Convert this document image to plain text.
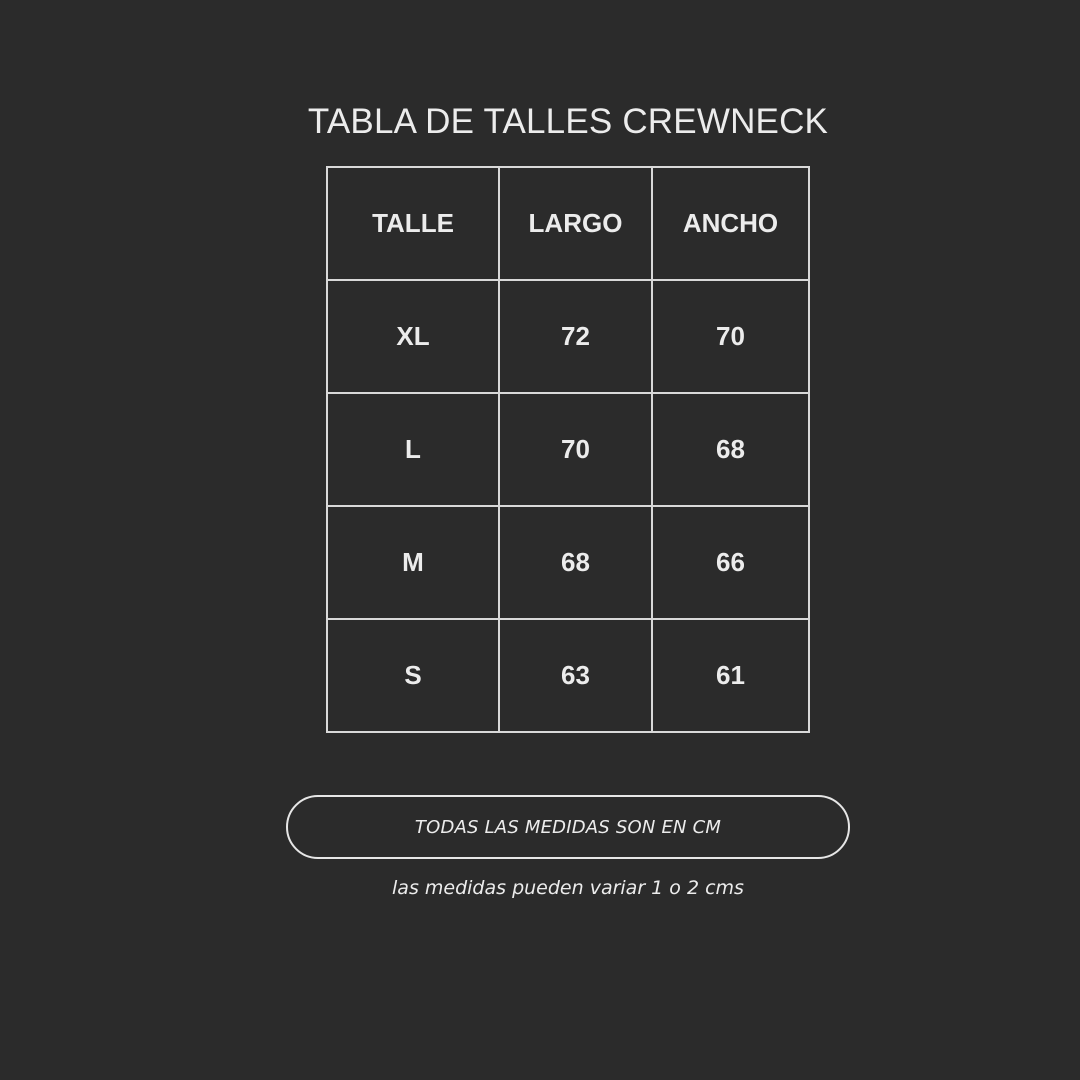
TABLA DE TALLES CREWNECK
TALLE	LARGO	ANCHO
XL	72	70
L	70	68
M	68	66
S	63	61
TODAS LAS MEDIDAS SON EN CM
las medidas pueden variar 1 o 2 cms
